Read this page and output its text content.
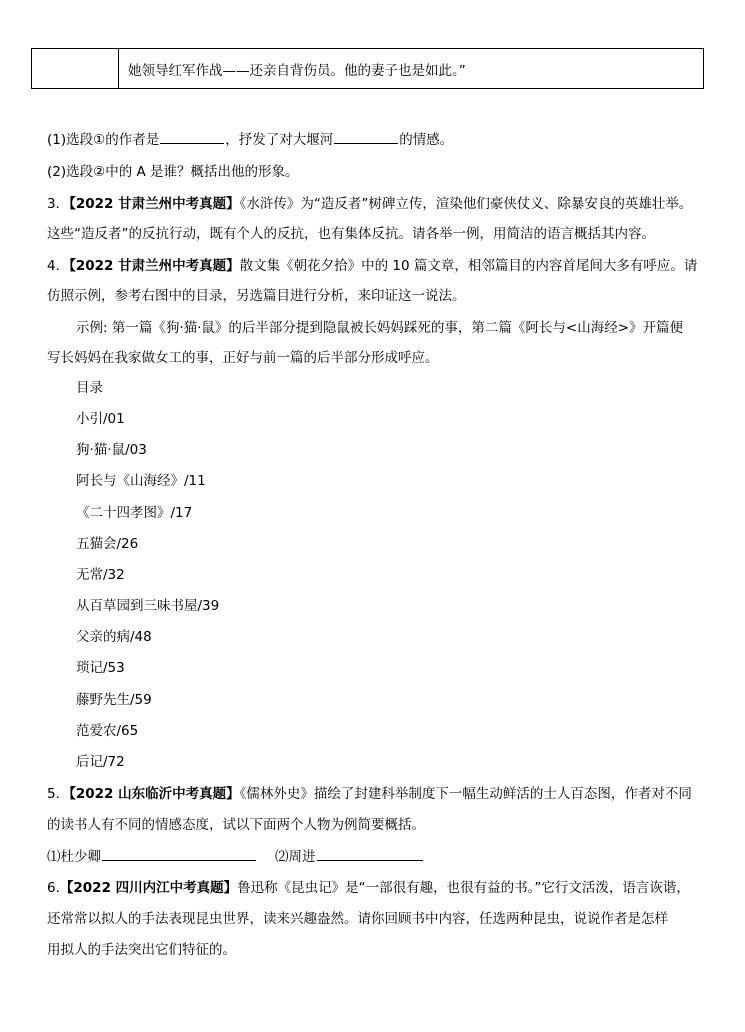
她领导红军作战——还亲自背伤员。他的妻子也是如此。”
(1)选段①的作者是	，抒发了对大堰河	的情感。
(2)选段②中的 A 是谁？概括出他的形象。
3．【2022 甘肃兰州中考真题】《水浒传》为“造反者”树碑立传，渲染他们豪侠仗义、除暴安良的英雄壮举。
这些“造反者”的反抗行动，既有个人的反抗，也有集体反抗。请各举一例，用简洁的语言概括其内容。
4．【2022 甘肃兰州中考真题】散文集《朝花夕拾》中的 10 篇文章，相邻篇目的内容首尾间大多有呼应。请
仿照示例，参考右图中的目录，另选篇目进行分析，来印证这一说法。
示例: 第一篇《狗·猫·鼠》的后半部分提到隐鼠被长妈妈踩死的事，第二篇《阿长与<山海经>》开篇便
写长妈妈在我家做女工的事，正好与前一篇的后半部分形成呼应。
目录
小引/01
狗·猫·鼠/03
阿长与《山海经》/11
《二十四孝图》/17
五猫会/26
无常/32
从百草园到三味书屋/39
父亲的病/48
琐记/53
藤野先生/59
范爱农/65
后记/72
5．【2022 山东临沂中考真题】《儒林外史》描绘了封建科举制度下一幅生动鲜活的士人百态图，作者对不同
的读书人有不同的情感态度，试以下面两个人物为例简要概括。
⑴杜少卿	⑵周进
6.【2022 四川内江中考真题】鲁迅称《昆虫记》是“一部很有趣，也很有益的书。”它行文活泼，语言诙谐，
还常常以拟人的手法表现昆虫世界，读来兴趣盎然。请你回顾书中内容，任选两种昆虫，说说作者是怎样
用拟人的手法突出它们特征的。
